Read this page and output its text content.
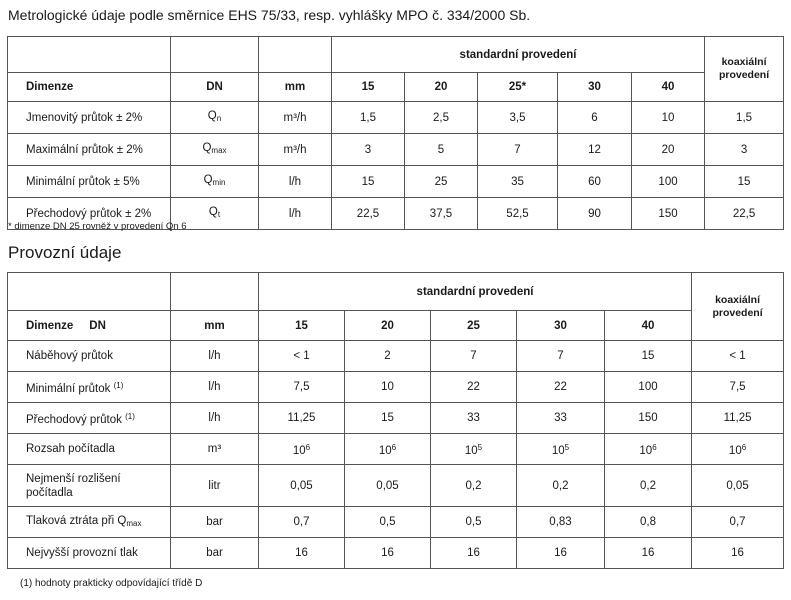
Metrologické údaje podle směrnice EHS 75/33, resp. vyhlášky MPO č. 334/2000 Sb.
			standardní provedení					koaxiální provedení
Dimenze	DN	mm	15	20	25*	30	40	
Jmenovitý průtok ± 2%	$Q_n$	m³/h	1,5	2,5	3,5	6	10	1,5
Maximální průtok ± 2%	$Q_{max}$	m³/h	3	5	7	12	20	3
Minimální průtok ± 5%	$Q_{min}$	l/h	15	25	35	60	100	15
Přechodový průtok ± 2%	$Q_t$	l/h	22,5	37,5	52,5	90	150	22,5
* dimenze DN 25 rovněž v provedení Qn 6
Provozní údaje
		standardní provedení					koaxiální provedení
Dimenze     DN	mm	15	20	25	30	40	
Náběhový průtok	l/h	< 1	2	7	7	15	< 1
Minimální průtok $^{(1)}$	l/h	7,5	10	22	22	100	7,5
Přechodový průtok $^{(1)}$	l/h	11,25	15	33	33	150	11,25
Rozsah počítadla	m³	$10^6$	$10^6$	$10^5$	$10^5$	$10^6$	$10^6$
Nejmenší rozlišení počítadla	litr	0,05	0,05	0,2	0,2	0,2	0,05
Tlaková ztráta při $Q_{max}$	bar	0,7	0,5	0,5	0,83	0,8	0,7
Nejvyšší provozní tlak	bar	16	16	16	16	16	16
(1) hodnoty prakticky odpovídající třídě D
